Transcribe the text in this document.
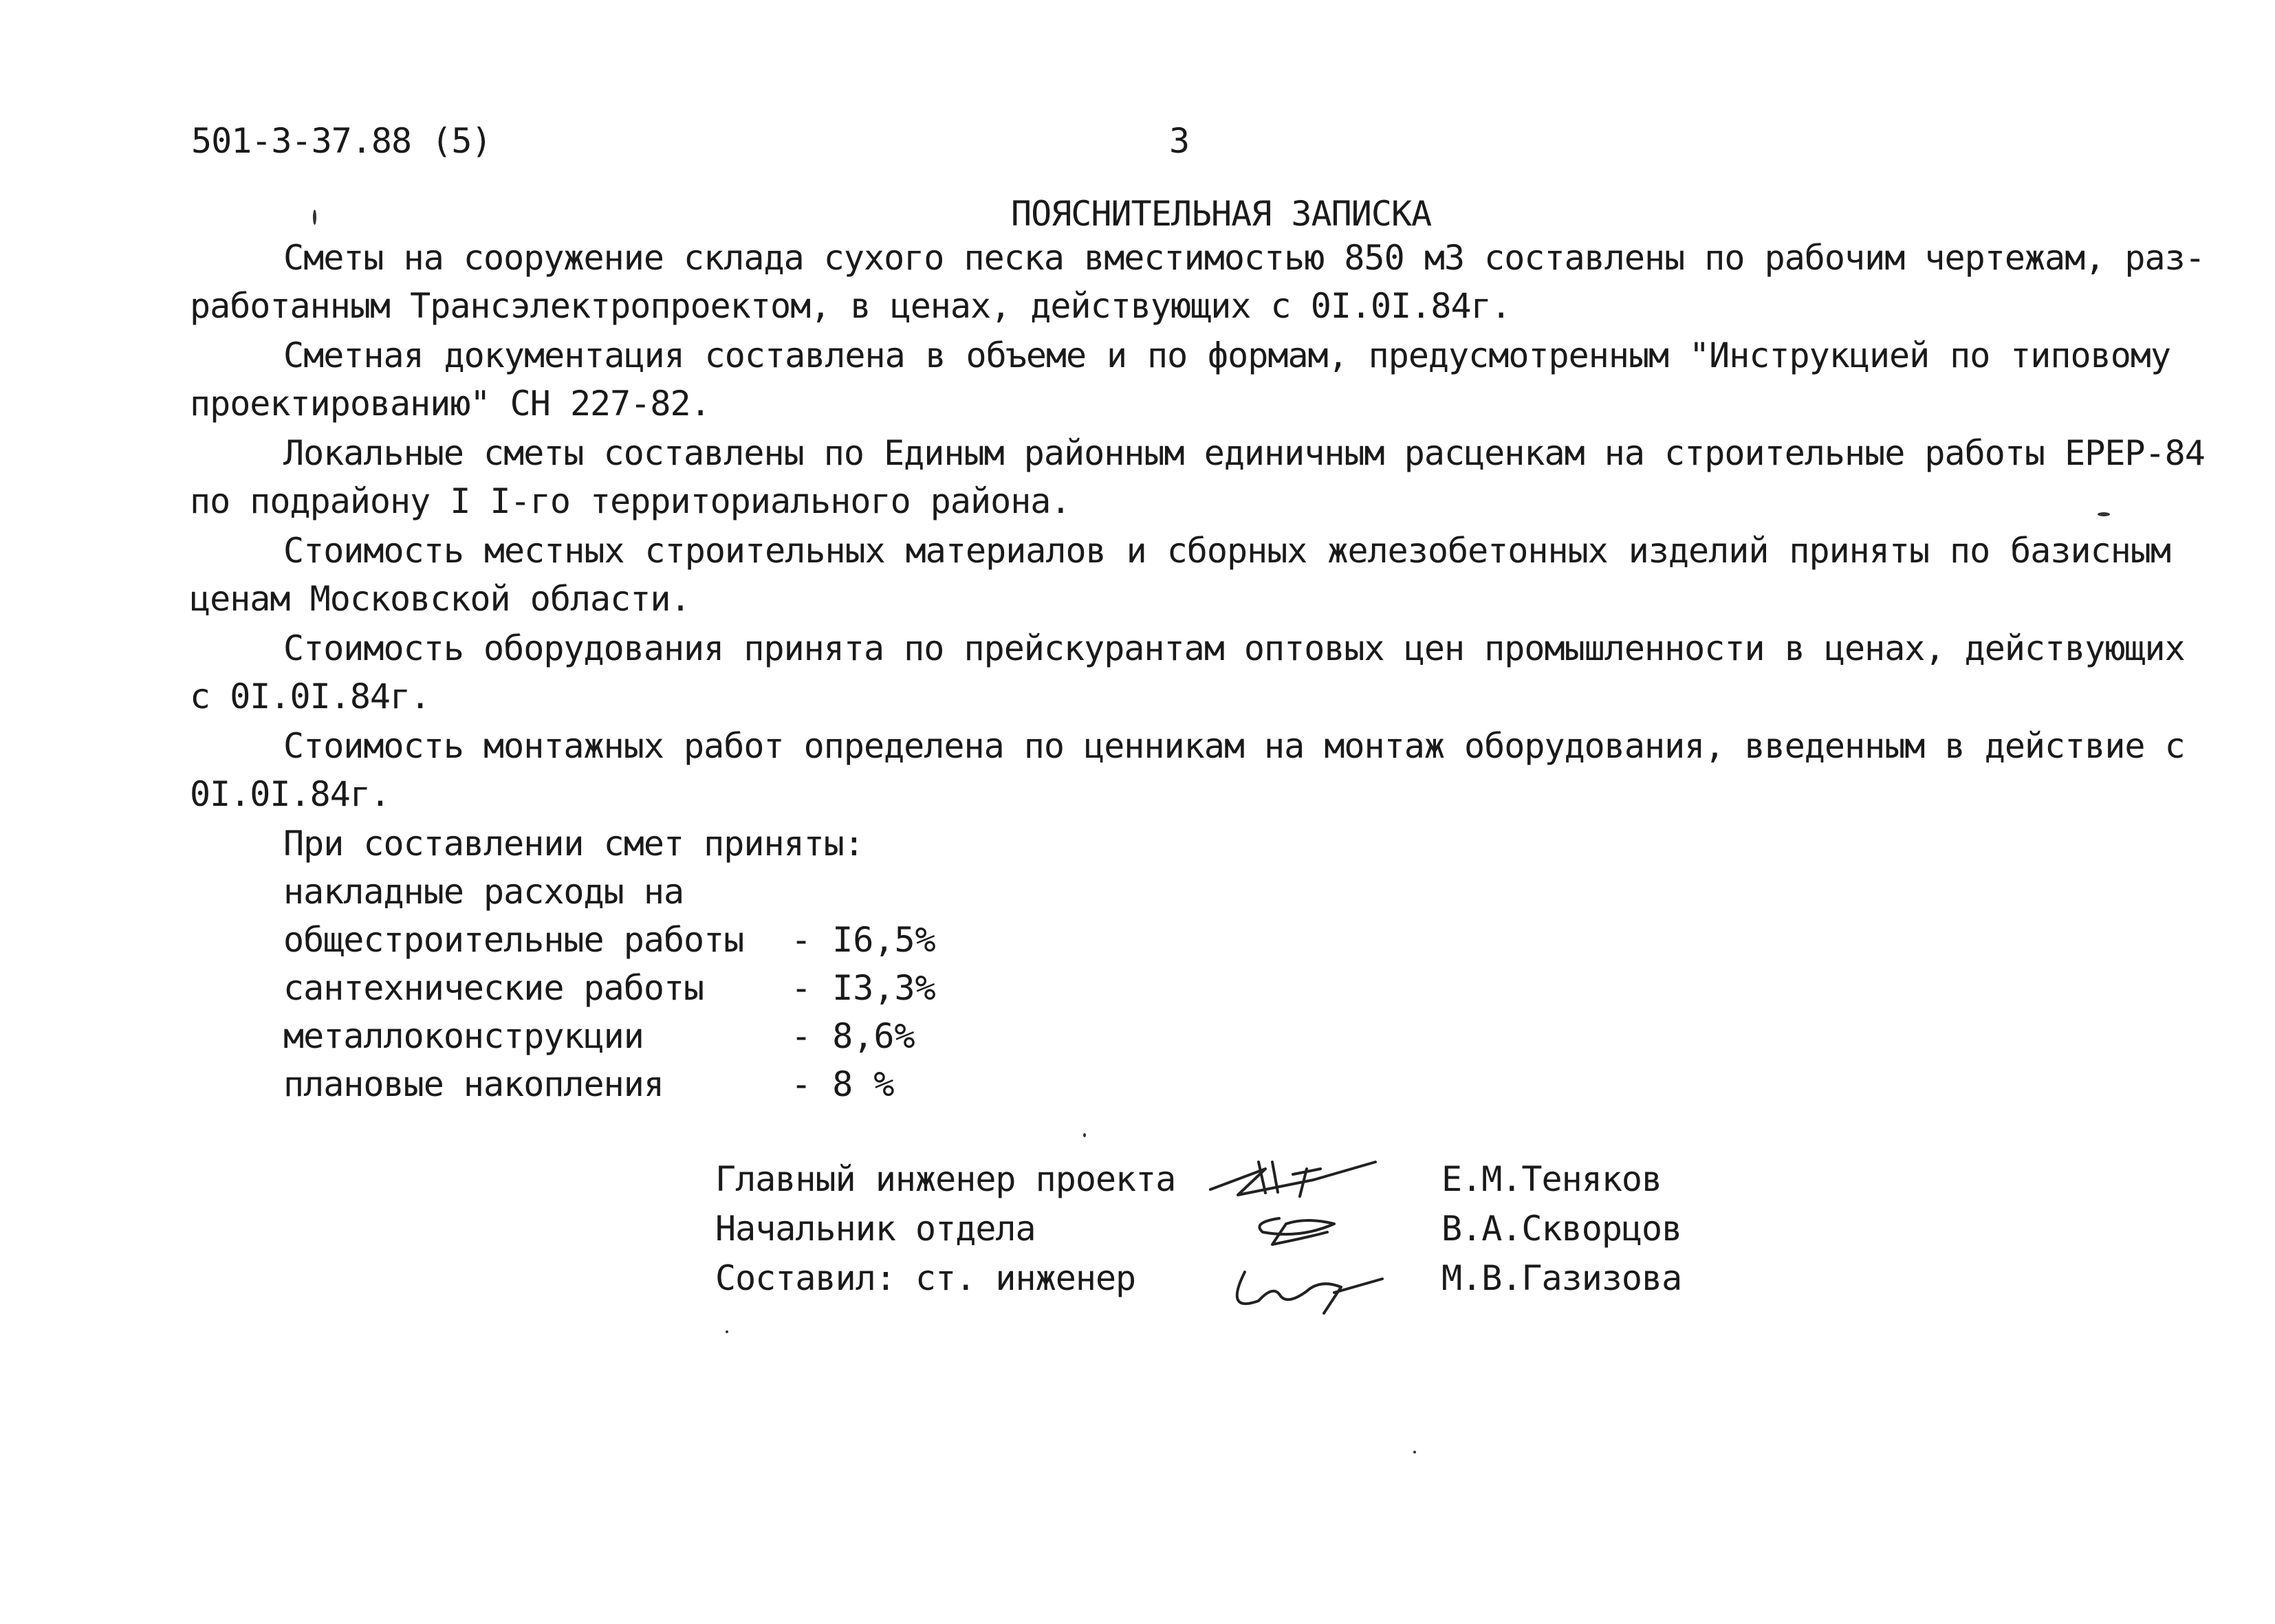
501-3-37.88 (5)	3
ПОЯСНИТЕЛЬНАЯ ЗАПИСКА

Сметы на сооружение склада сухого песка вместимостью 850 м3 составлены по рабочим чертежам, раз-
работанным Трансэлектропроектом, в ценах, действующих с 0I.0I.84г.

Сметная документация составлена в объеме и по формам, предусмотренным "Инструкцией по типовому
проектированию" СН 227-82.

Локальные сметы составлены по Единым районным единичным расценкам на строительные работы ЕРЕР-84
по подрайону I I-го территориального района.

Стоимость местных строительных материалов и сборных железобетонных изделий приняты по базисным
ценам Московской области.

Стоимость оборудования принята по прейскурантам оптовых цен промышленности в ценах, действующих
с 0I.0I.84г.

Стоимость монтажных работ определена по ценникам на монтаж оборудования, введенным в действие с
0I.0I.84г.

При составлении смет приняты:
накладные расходы на
общестроительные работы - I6,5%
сантехнические работы	- I3,3%
металлоконструкции	- 8,6%
плановые накопления	- 8 %
Главный инженер проекта	Е.М.Теняков
Начальник отдела	В.А.Скворцов
Составил: ст. инженер	М.В.Газизова
